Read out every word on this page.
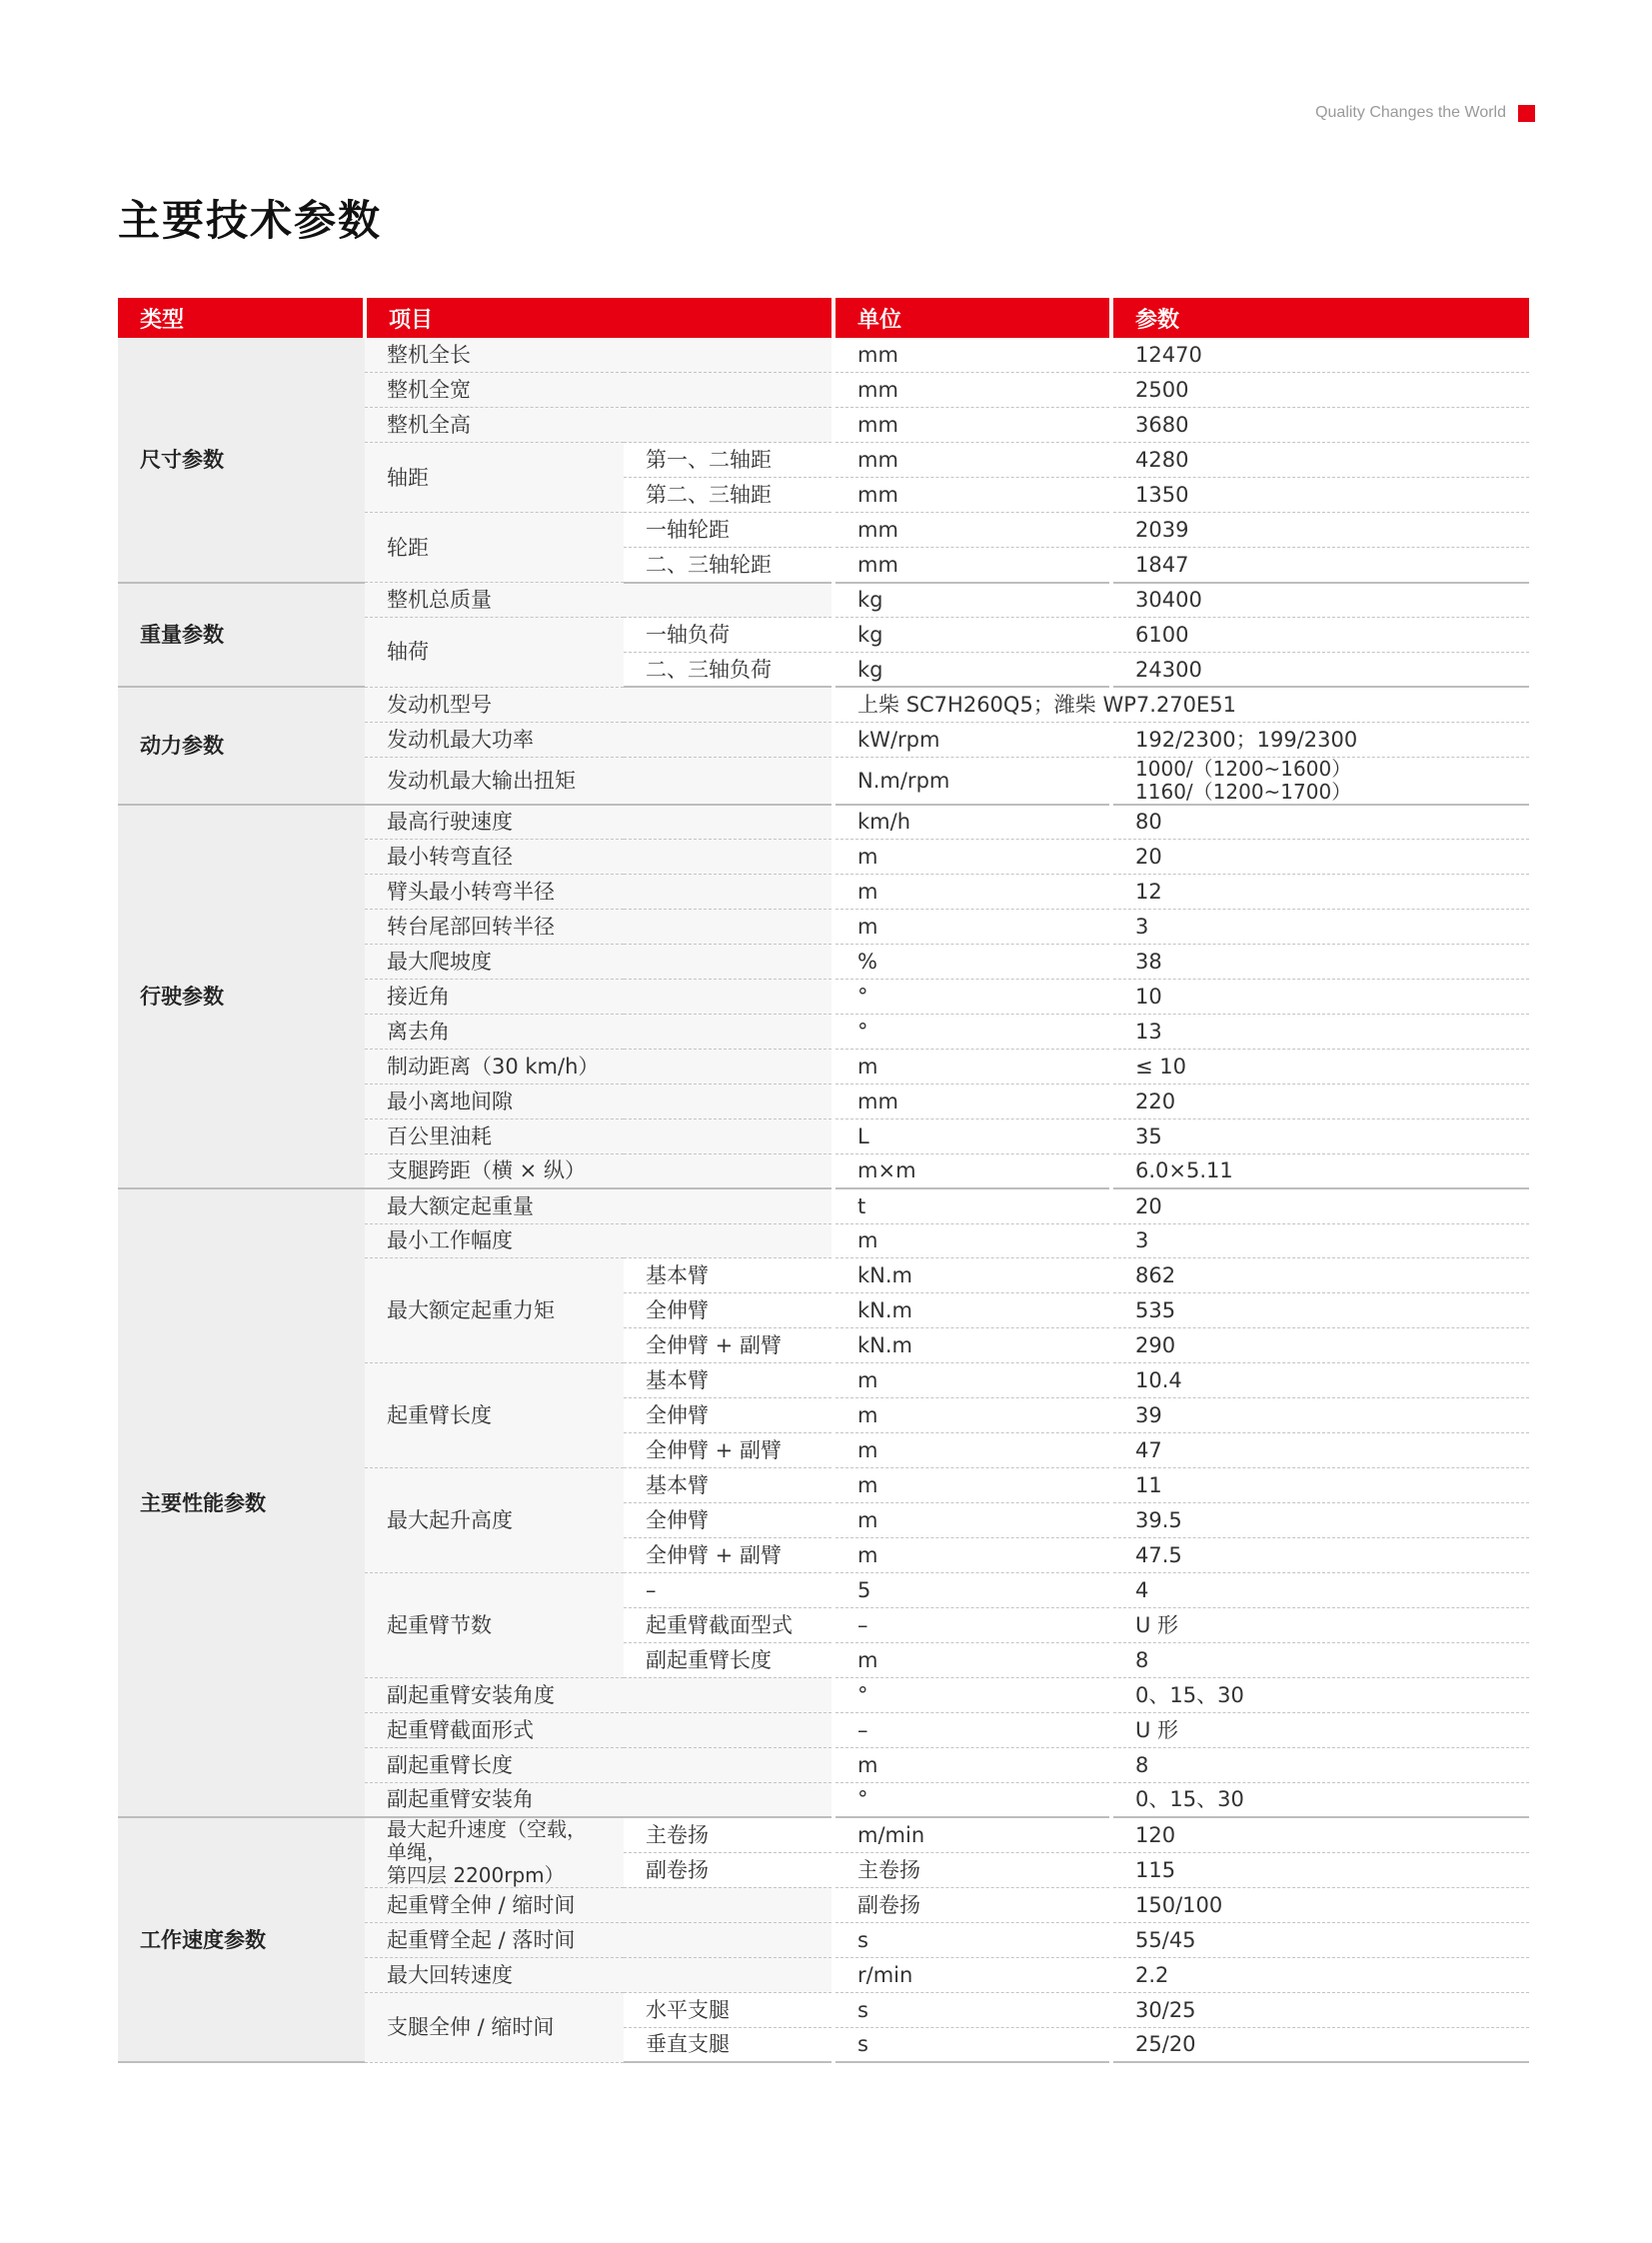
Quality Changes the World
主要技术参数
类型	项目		单位	参数
尺寸参数	整机全长		mm	12470
	整机全宽		mm	2500
	整机全高		mm	3680
	轴距	第一、二轴距	mm	4280
		第二、三轴距	mm	1350
	轮距	一轴轮距	mm	2039
		二、三轴轮距	mm	1847
重量参数	整机总质量		kg	30400
	轴荷	一轴负荷	kg	6100
		二、三轴负荷	kg	24300
动力参数	发动机型号		上柴 SC7H260Q5；潍柴 WP7.270E51	
	发动机最大功率		kW/rpm	192/2300；199/2300
	发动机最大输出扭矩		N.m/rpm	1000/（1200~1600）
1160/（1200~1700）

行驶参数	最高行驶速度		km/h	80
	最小转弯直径		m	20
	臂头最小转弯半径		m	12
	转台尾部回转半径		m	3
	最大爬坡度		%	38
	接近角		°	10
	离去角		°	13
	制动距离（30 km/h）		m	≤ 10
	最小离地间隙		mm	220
	百公里油耗		L	35
	支腿跨距（横 × 纵）		m×m	6.0×5.11
主要性能参数	最大额定起重量		t	20
	最小工作幅度		m	3
	最大额定起重力矩	基本臂	kN.m	862
		全伸臂	kN.m	535
		全伸臂 + 副臂	kN.m	290
	起重臂长度	基本臂	m	10.4
		全伸臂	m	39
		全伸臂 + 副臂	m	47
	最大起升高度	基本臂	m	11
		全伸臂	m	39.5
		全伸臂 + 副臂	m	47.5
	起重臂节数	–	5	4
		起重臂截面型式	–	U 形
		副起重臂长度	m	8
	副起重臂安装角度		°	0、15、30
	起重臂截面形式		–	U 形
	副起重臂长度		m	8
	副起重臂安装角		°	0、15、30
工作速度参数	最大起升速度（空载，单绳，
第四层 2200rpm）	主卷扬	m/min	120
		副卷扬	主卷扬	115
	起重臂全伸 / 缩时间		副卷扬	150/100
	起重臂全起 / 落时间		s	55/45
	最大回转速度		r/min	2.2
	支腿全伸 / 缩时间	水平支腿	s	30/25
		垂直支腿	s	25/20
